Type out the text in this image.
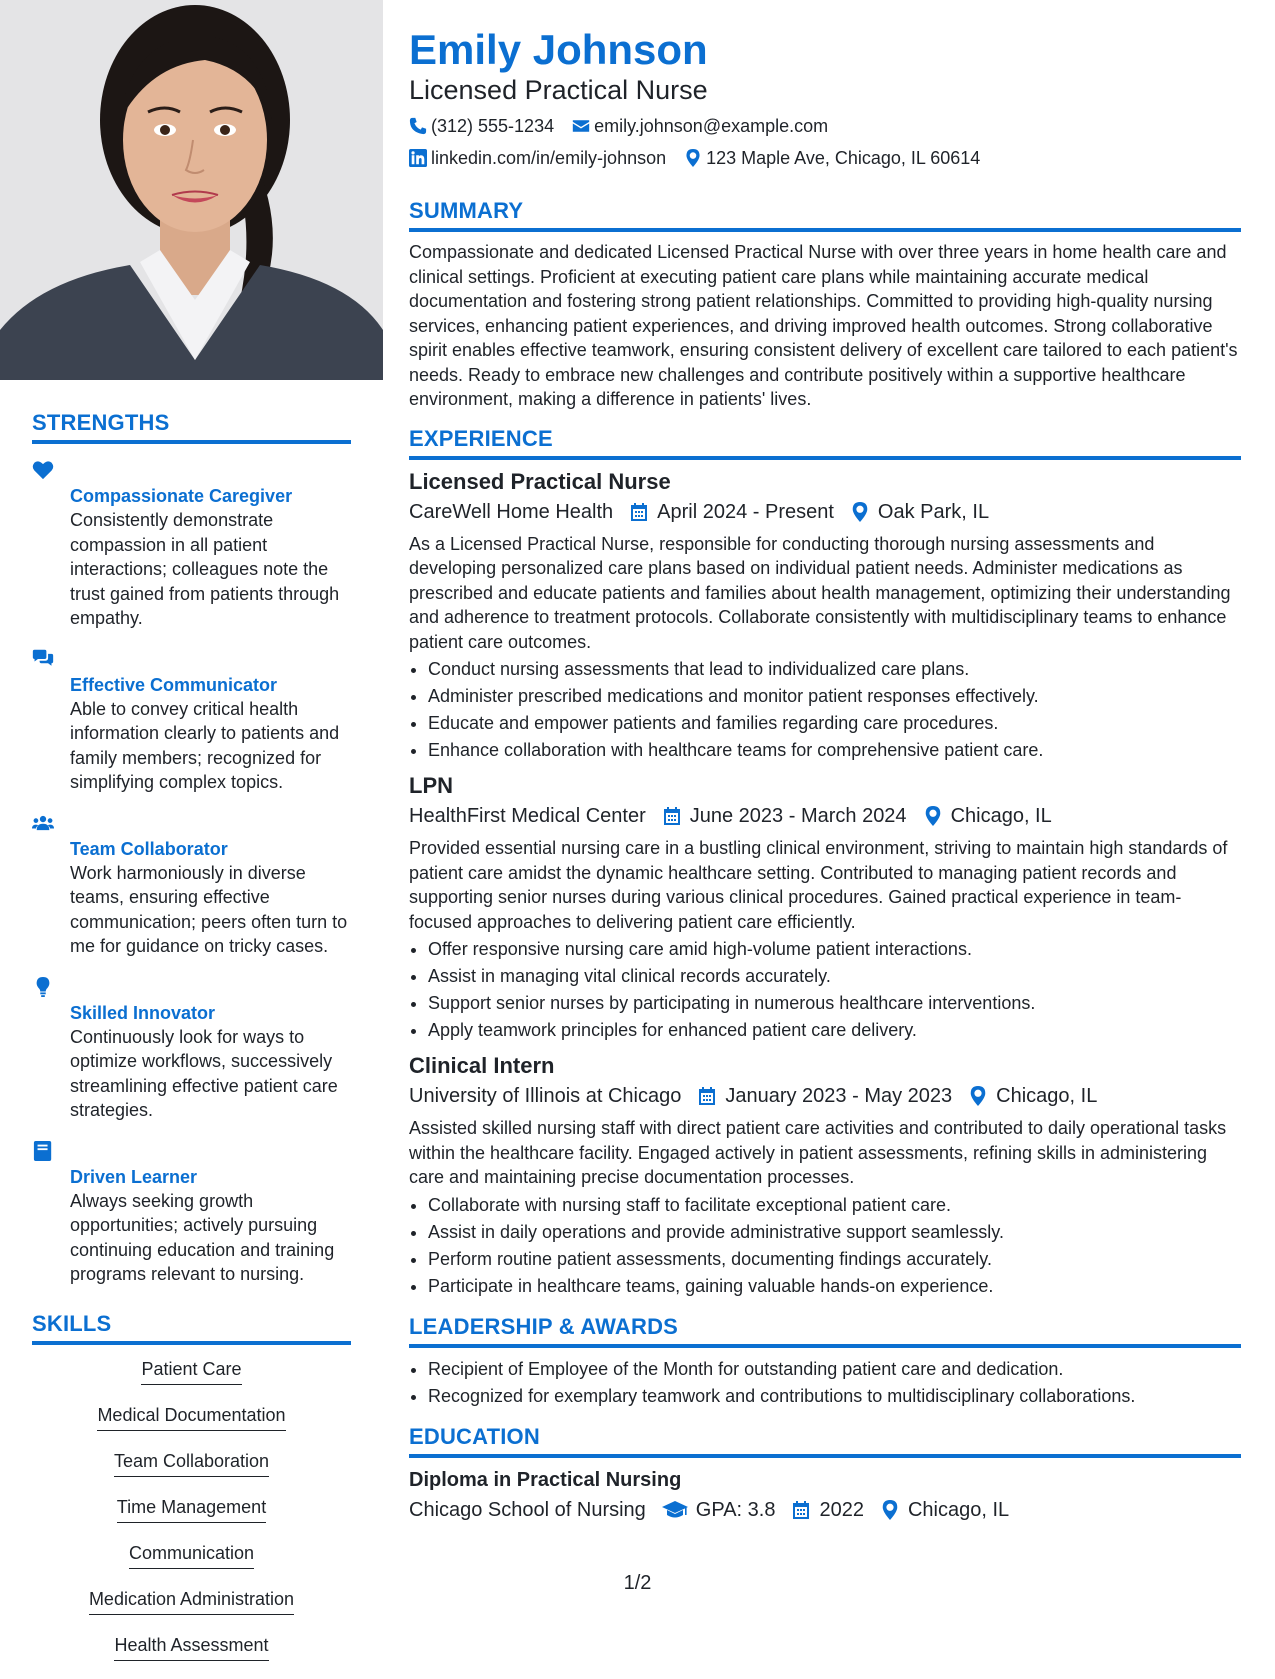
STRENGTHS
Compassionate Caregiver
Consistently demonstrate compassion in all patient interactions; colleagues note the trust gained from patients through empathy.
Effective Communicator
Able to convey critical health information clearly to patients and family members; recognized for simplifying complex topics.
Team Collaborator
Work harmoniously in diverse teams, ensuring effective communication; peers often turn to me for guidance on tricky cases.
Skilled Innovator
Continuously look for ways to optimize workflows, successively streamlining effective patient care strategies.
Driven Learner
Always seeking growth opportunities; actively pursuing continuing education and training programs relevant to nursing.
SKILLS
Patient Care
Medical Documentation
Team Collaboration
Time Management
Communication
Medication Administration
Health Assessment
Emily Johnson
Licensed Practical Nurse
(312) 555-1234 emily.johnson@example.com
linkedin.com/in/emily-johnson 123 Maple Ave, Chicago, IL 60614
SUMMARY
Compassionate and dedicated Licensed Practical Nurse with over three years in home health care and clinical settings. Proficient at executing patient care plans while maintaining accurate medical documentation and fostering strong patient relationships. Committed to providing high-quality nursing services, enhancing patient experiences, and driving improved health outcomes. Strong collaborative spirit enables effective teamwork, ensuring consistent delivery of excellent care tailored to each patient's needs. Ready to embrace new challenges and contribute positively within a supportive healthcare environment, making a difference in patients' lives.
EXPERIENCE
Licensed Practical Nurse
CareWell Home Health April 2024 - Present Oak Park, IL
As a Licensed Practical Nurse, responsible for conducting thorough nursing assessments and developing personalized care plans based on individual patient needs. Administer medications as prescribed and educate patients and families about health management, optimizing their understanding and adherence to treatment protocols. Collaborate consistently with multidisciplinary teams to enhance patient care outcomes.
• Conduct nursing assessments that lead to individualized care plans.
• Administer prescribed medications and monitor patient responses effectively.
• Educate and empower patients and families regarding care procedures.
• Enhance collaboration with healthcare teams for comprehensive patient care.
LPN
HealthFirst Medical Center June 2023 - March 2024 Chicago, IL
Provided essential nursing care in a bustling clinical environment, striving to maintain high standards of patient care amidst the dynamic healthcare setting. Contributed to managing patient records and supporting senior nurses during various clinical procedures. Gained practical experience in team-focused approaches to delivering patient care efficiently.
• Offer responsive nursing care amid high-volume patient interactions.
• Assist in managing vital clinical records accurately.
• Support senior nurses by participating in numerous healthcare interventions.
• Apply teamwork principles for enhanced patient care delivery.
Clinical Intern
University of Illinois at Chicago January 2023 - May 2023 Chicago, IL
Assisted skilled nursing staff with direct patient care activities and contributed to daily operational tasks within the healthcare facility. Engaged actively in patient assessments, refining skills in administering care and maintaining precise documentation processes.
• Collaborate with nursing staff to facilitate exceptional patient care.
• Assist in daily operations and provide administrative support seamlessly.
• Perform routine patient assessments, documenting findings accurately.
• Participate in healthcare teams, gaining valuable hands-on experience.
LEADERSHIP & AWARDS
• Recipient of Employee of the Month for outstanding patient care and dedication.
• Recognized for exemplary teamwork and contributions to multidisciplinary collaborations.
EDUCATION
Diploma in Practical Nursing
Chicago School of Nursing	GPA: 3.8 2022 Chicago, IL
1/2
